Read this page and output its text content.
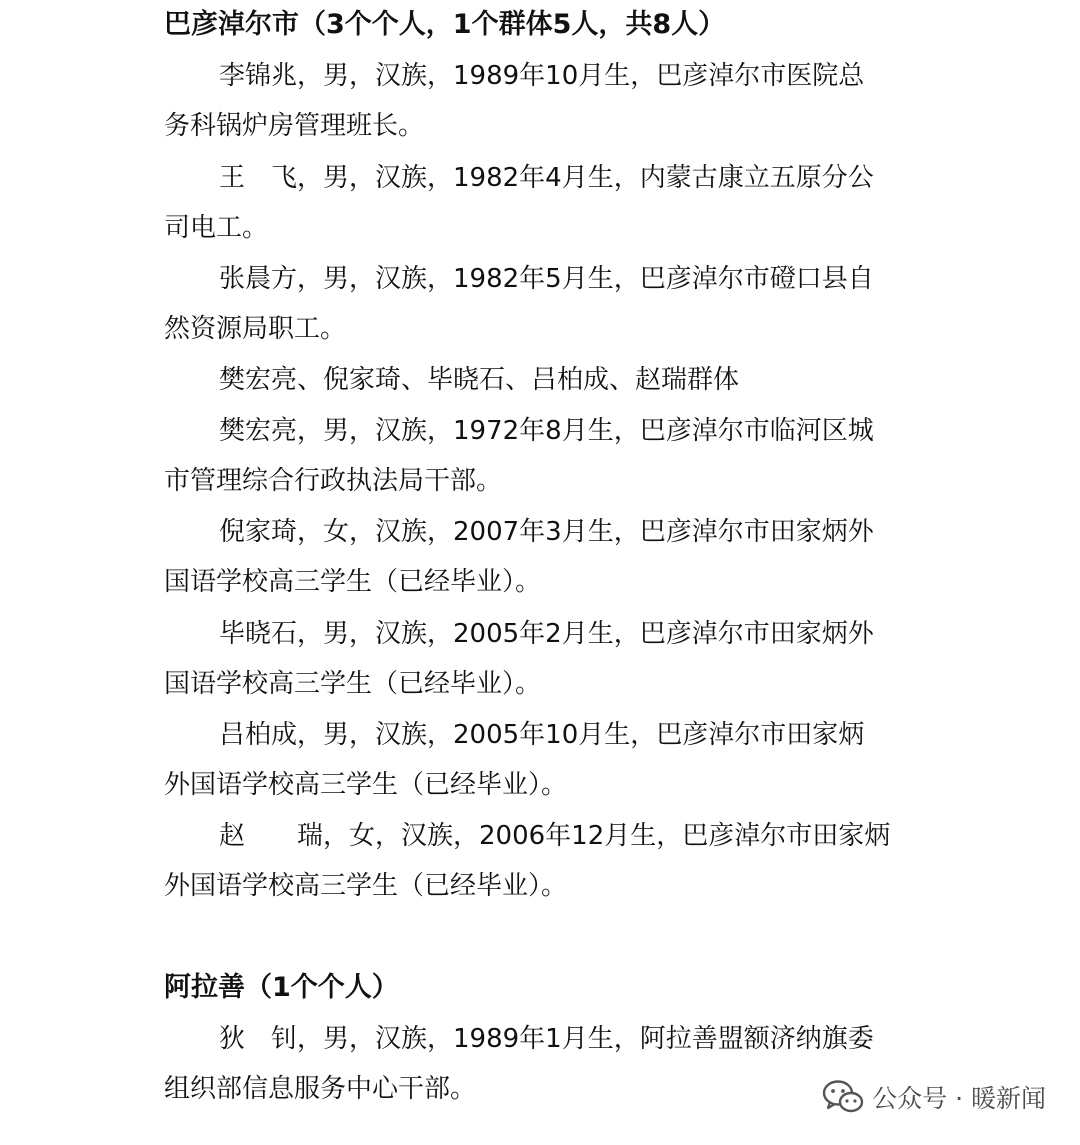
巴彦淖尔市（3个个人，1个群体5人，共8人）
李锦兆，男，汉族，1989年10月生，巴彦淖尔市医院总
务科锅炉房管理班长。
王　飞，男，汉族，1982年4月生，内蒙古康立五原分公
司电工。
张晨方，男，汉族，1982年5月生，巴彦淖尔市磴口县自
然资源局职工。
樊宏亮、倪家琦、毕晓石、吕柏成、赵瑞群体
樊宏亮，男，汉族，1972年8月生，巴彦淖尔市临河区城
市管理综合行政执法局干部。
倪家琦，女，汉族，2007年3月生，巴彦淖尔市田家炳外
国语学校高三学生（已经毕业）。
毕晓石，男，汉族，2005年2月生，巴彦淖尔市田家炳外
国语学校高三学生（已经毕业）。
吕柏成，男，汉族，2005年10月生，巴彦淖尔市田家炳
外国语学校高三学生（已经毕业）。
赵　　瑞，女，汉族，2006年12月生，巴彦淖尔市田家炳
外国语学校高三学生（已经毕业）。
阿拉善（1个个人）
狄　钊，男，汉族，1989年1月生，阿拉善盟额济纳旗委
组织部信息服务中心干部。	公众号 · 暖新闻
